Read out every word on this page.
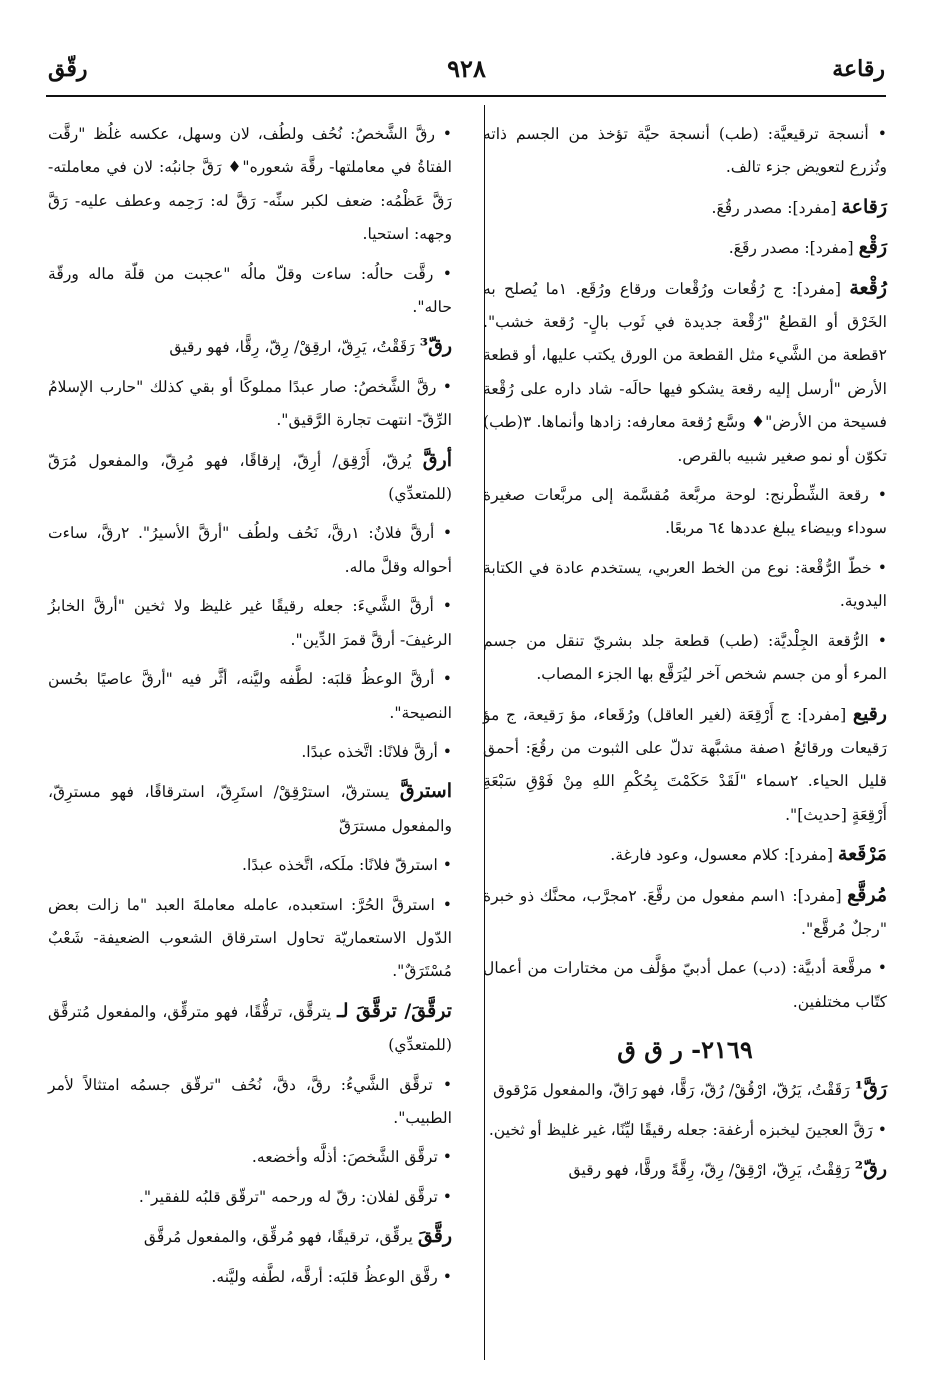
رقاعة
٩٢٨
رقّق

• أنسجة ترقيعيَّة: (طب) أنسجة حيَّة تؤخذ من الجسم ذاته وتُزرع لتعويض جزء تالف.

رَقاعة [مفرد]: مصدر رقُعَ.

رَقْع [مفرد]: مصدر رقَعَ.

رُقْعة [مفرد]: ج رُقُعات ورُقْعات ورقاع ورُقَع. ١ما يُصلح به الخَرْق أو القطعُ "رُقْعة جديدة في ثَوب بالٍ- رُقعة خشب". ٢قطعة من الشَّيء مثل القطعة من الورق يكتب عليها، أو قطعة الأرض "أرسل إليه رقعة يشكو فيها حالَه- شاد داره على رُقْعة فسيحة من الأرض"♦ وسَّع رُقعة معارفه: زادها وأنماها. ٣(طب) تكوّن أو نمو صغير شبيه بالقرص.

• رقعة الشِّطْرنج: لوحة مربَّعة مُقسَّمة إلى مربَّعات صغيرة سوداء وبيضاء يبلغ عددها ٦٤ مربعًا.

• خطّ الرُّقْعة: نوع من الخط العربي، يستخدم عادة في الكتابة اليدوية.

• الرُّقعة الجِلْديَّة: (طب) قطعة جلد بشريّ تنقل من جسم المرء أو من جسم شخص آخر ليُرَقَّع بها الجزء المصاب.

رقيع [مفرد]: ج أَرْقِعَة (لغير العاقل) ورُقَعاء، مؤ رَقيعة، ج مؤ رَقيعات ورقائعُ ١صفة مشبَّهة تدلّ على الثبوت من رقُعَ: أحمق قليل الحياء. ٢سماء "لَقَدْ حَكَمْتَ بِحُكْمِ اللهِ مِنْ فَوْقِ سَبْعَةِ أَرْقِعَةٍ [حديث]".

مَرْقَعة [مفرد]: كلام معسول، وعود فارغة.

مُرقَّع [مفرد]: ١اسم مفعول من رقَّعَ. ٢مجرَّب، محنَّك ذو خبرة "رجلٌ مُرقَّع".

• مرقَّعة أدبيَّة: (دب) عمل أدبيّ مؤلَّف من مختارات من أعمال كتّاب مختلفين.

٢١٦٩- ر ق ق

رَقَّ¹ رَقَقْتُ، يَرُقّ، ارْقُقْ/ رُقّ، رَقًّا، فهو رَاقّ، والمفعول مَرْقوق

• رَقَّ العجينَ ليخبزه أرغفة: جعله رقيقًا ليِّنًا، غير غليظ أو ثخين.

رقّ² رَقِقْتُ، يَرِقّ، ارْقِقْ/ رِقّ، رِقَّةً ورقًّا، فهو رقيق

• رقَّ الشَّخصُ: نُحُف ولطُف، لان وسهل، عكسه غلُظ "رقَّت الفتاةُ في معاملتها- رقَّة شعوره"♦ رَقَّ جانبُه: لان في معاملته- رَقَّ عَظْمُه: ضعف لكبر سنِّه- رَقَّ له: رَحِمه وعطف عليه- رَقَّ وجهه: استحيا.

• رقَّت حالُه: ساءت وقلّ مالُه "عجبت من قلّة ماله ورقّة حاله".

رقّ³ رَقَقْتُ، يَرِقّ، ارقِقْ/ رِقّ، رِقًّا، فهو رقيق

• رقَّ الشَّخصُ: صار عبدًا مملوكًا أو بقي كذلك "حارب الإسلامُ الرِّقّ- انتهت تجارة الرَّقيق".

أرقَّ يُرقّ، أَرْقِق/ أرِقّ، إرقاقًا، فهو مُرِقّ، والمفعول مُرَقّ (للمتعدِّي)

• أرقَّ فلانٌ: ١رقَّ، نَحُف ولطُف "أرقَّ الأسيرُ". ٢رقَّ، ساءت أحواله وقلَّ ماله.

• أرقَّ الشَّيءَ: جعله رقيقًا غير غليظ ولا ثخين "أرقَّ الخابزُ الرغيفَ- أرقَّ قمرَ الدِّين".

• أرقَّ الوعظُ قلبَه: لطَّفه وليَّنه، أثَّر فيه "أرقَّ عاصيًا بحُسن النصيحة".

• أرقَّ فلانًا: اتَّخذه عبدًا.

استرقَّ يسترقّ، استرْقِقْ/ استَرِقّ، استرقاقًا، فهو مسترِقّ، والمفعول مسترَقّ

• استرقّ فلانًا: ملَكه، اتَّخذه عبدًا.

• استرقَّ الحُرَّ: استعبده، عامله معاملةَ العبد "ما زالت بعض الدّول الاستعماريّة تحاول استرقاق الشعوب الضعيفة- شَعْبٌ مُسْتَرَقٌ".

ترقَّقَ/ ترقَّقَ لـ يترقَّق، ترقُّقًا، فهو مترقِّق، والمفعول مُترقَّق (للمتعدِّي)

• ترقَّق الشَّيءُ: رقَّ، دقَّ، نُحُف "ترقّق جسمُه امتثالاً لأمر الطبيب".

• ترقَّق الشَّخصَ: أذلَّه وأخضعه.

• ترقَّق لفلان: رقّ له ورحمه "ترقّق قلبُه للفقير".

رقَّقَ يرقِّق، ترقيقًا، فهو مُرقِّق، والمفعول مُرقَّق

• رقَّق الوعظُ قلبَه: أرقَّه، لطَّفه وليَّنه.
